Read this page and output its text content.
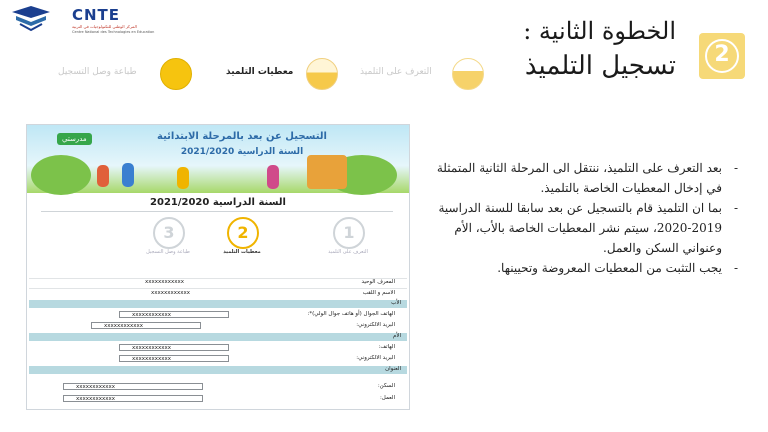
CNTE
المركز الوطني للتكنولوجيات في التربية
Centre National des Technologies en Education	الخطوة الثانية :
تسجيل التلميذ	2
طباعة وصل التسجيل	معطيات التلميذ	التعرف على التلميذ
مدرستي	التسجيل عن بعد بالمرحلة الابتدائية
السنة الدراسية 2021/2020
السنة الدراسية 2021/2020
3
طباعة وصل التسجيل
2
معطيات التلميذ
1
التعرف على التلميذ
xxxxxxxxxxxx	المعرف الوحيد
xxxxxxxxxxxx	الاسم و اللقب
الأب
xxxxxxxxxxxx	الهاتف الجوال (أو هاتف جوال الولي)*:
xxxxxxxxxxxx	البريد الالكتروني:
الأم
xxxxxxxxxxxx	الهاتف:
xxxxxxxxxxxx	البريد الالكتروني:
العنوان
xxxxxxxxxxxx	السكن:
xxxxxxxxxxxx	العمل:

- بعد التعرف على التلميذ، ننتقل الى المرحلة الثانية المتمثلة في إدخال المعطيات الخاصة بالتلميذ.

- بما ان التلميذ قام بالتسجيل عن بعد سابقا للسنة الدراسية 2019-2020، سيتم نشر المعطيات الخاصة بالأب، الأم وعنواني السكن والعمل.

- يجب التثبت من المعطيات المعروضة وتحيينها.
